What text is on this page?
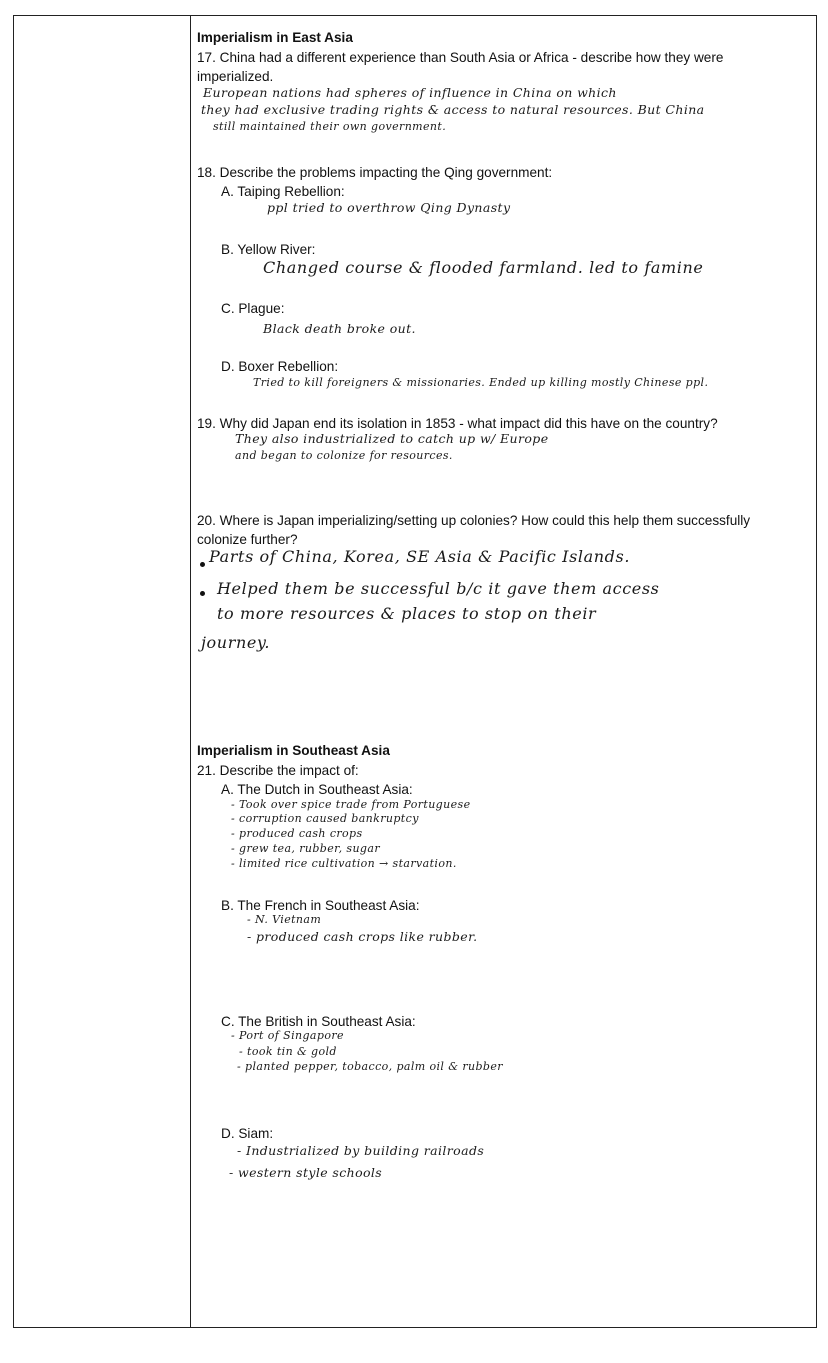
Imperialism in East Asia
17. China had a different experience than South Asia or Africa - describe how they were
imperialized.
European nations had spheres of influence in China on which
they had exclusive trading rights & access to natural resources. But China
still maintained their own government.
18. Describe the problems impacting the Qing government:
A. Taiping Rebellion:
ppl tried to overthrow Qing Dynasty
B. Yellow River:
Changed course & flooded farmland. led to famine
C. Plague:
Black death broke out.
D. Boxer Rebellion:
Tried to kill foreigners & missionaries. Ended up killing mostly Chinese ppl.
19. Why did Japan end its isolation in 1853 - what impact did this have on the country?
They also industrialized to catch up w/ Europe
and began to colonize for resources.
20. Where is Japan imperializing/setting up colonies? How could this help them successfully
colonize further?
Parts of China, Korea, SE Asia & Pacific Islands.
Helped them be successful b/c it gave them access
to more resources & places to stop on their
journey.
Imperialism in Southeast Asia
21. Describe the impact of:
A. The Dutch in Southeast Asia:
- Took over spice trade from Portuguese
- corruption caused bankruptcy
- produced cash crops
- grew tea, rubber, sugar
- limited rice cultivation → starvation.
B. The French in Southeast Asia:
- N. Vietnam
- produced cash crops like rubber.
C. The British in Southeast Asia:
- Port of Singapore
- took tin & gold
- planted pepper, tobacco, palm oil & rubber
D. Siam:
- Industrialized by building railroads
- western style schools
